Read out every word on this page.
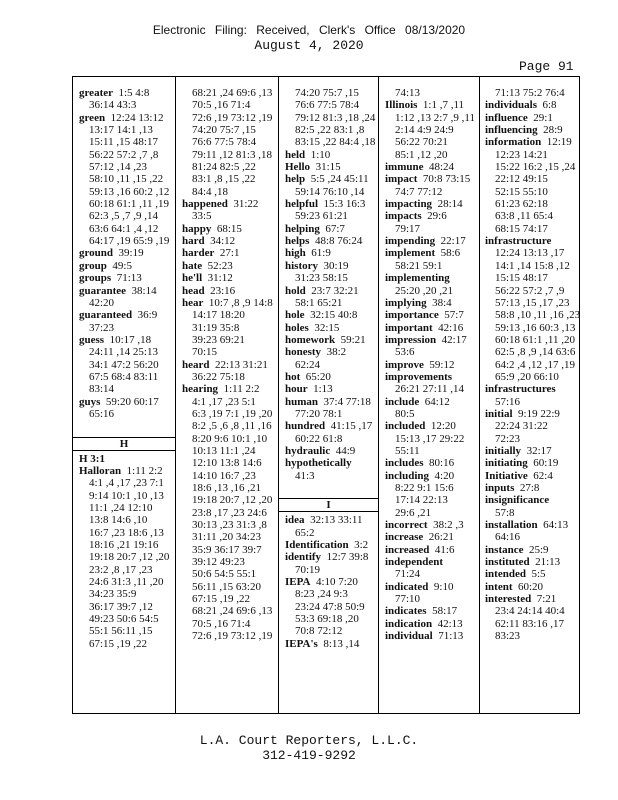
Electronic Filing: Received, Clerk's Office 08/13/2020
August 4, 2020
Page 91
greater  1:5 4:8
36:14 43:3
green  12:24 13:12
13:17 14:1 ,13
15:11 ,15 48:17
56:22 57:2 ,7 ,8
57:12 ,14 ,23
58:10 ,11 ,15 ,22
59:13 ,16 60:2 ,12
60:18 61:1 ,11 ,19
62:3 ,5 ,7 ,9 ,14
63:6 64:1 ,4 ,12
64:17 ,19 65:9 ,19
ground  39:19
group  49:5
groups  71:13
guarantee  38:14
42:20
guaranteed  36:9
37:23
guess  10:17 ,18
24:11 ,14 25:13
34:1 47:2 56:20
67:5 68:4 83:11
83:14
guys  59:20 60:17
65:16
H
H 3:1
Halloran  1:11 2:2
4:1 ,4 ,17 ,23 7:1
9:14 10:1 ,10 ,13
11:1 ,24 12:10
13:8 14:6 ,10
16:7 ,23 18:6 ,13
18:16 ,21 19:16
19:18 20:7 ,12 ,20
23:2 ,8 ,17 ,23
24:6 31:3 ,11 ,20
34:23 35:9
36:17 39:7 ,12
49:23 50:6 54:5
55:1 56:11 ,15
67:15 ,19 ,22
68:21 ,24 69:6 ,13
70:5 ,16 71:4
72:6 ,19 73:12 ,19
74:20 75:7 ,15
76:6 77:5 78:4
79:11 ,12 81:3 ,18
81:24 82:5 ,22
83:1 ,8 ,15 ,22
84:4 ,18
happened  31:22
33:5
happy  68:15
hard  34:12
harder  27:1
hate  52:23
he'll  31:12
head  23:16
hear  10:7 ,8 ,9 14:8
14:17 18:20
31:19 35:8
39:23 69:21
70:15
heard  22:13 31:21
36:22 75:18
hearing  1:11 2:2
4:1 ,17 ,23 5:1
6:3 ,19 7:1 ,19 ,20
8:2 ,5 ,6 ,8 ,11 ,16
8:20 9:6 10:1 ,10
10:13 11:1 ,24
12:10 13:8 14:6
14:10 16:7 ,23
18:6 ,13 ,16 ,21
19:18 20:7 ,12 ,20
23:8 ,17 ,23 24:6
30:13 ,23 31:3 ,8
31:11 ,20 34:23
35:9 36:17 39:7
39:12 49:23
50:6 54:5 55:1
56:11 ,15 63:20
67:15 ,19 ,22
68:21 ,24 69:6 ,13
70:5 ,16 71:4
72:6 ,19 73:12 ,19
74:20 75:7 ,15
76:6 77:5 78:4
79:12 81:3 ,18 ,24
82:5 ,22 83:1 ,8
83:15 ,22 84:4 ,18
held  1:10
Hello  31:15
help  5:5 ,24 45:11
59:14 76:10 ,14
helpful  15:3 16:3
59:23 61:21
helping  67:7
helps  48:8 76:24
high  61:9
history  30:19
31:23 58:15
hold  23:7 32:21
58:1 65:21
hole  32:15 40:8
holes  32:15
homework  59:21
honesty  38:2
62:24
hot  65:20
hour  1:13
human  37:4 77:18
77:20 78:1
hundred  41:15 ,17
60:22 61:8
hydraulic  44:9
hypothetically
41:3
I
idea  32:13 33:11
65:2
Identification  3:2
identify  12:7 39:8
70:19
IEPA  4:10 7:20
8:23 ,24 9:3
23:24 47:8 50:9
53:3 69:18 ,20
70:8 72:12
IEPA's  8:13 ,14
74:13
Illinois  1:1 ,7 ,11
1:12 ,13 2:7 ,9 ,11
2:14 4:9 24:9
56:22 70:21
85:1 ,12 ,20
immune  48:24
impact  70:8 73:15
74:7 77:12
impacting  28:14
impacts  29:6
79:17
impending  22:17
implement  58:6
58:21 59:1
implementing
25:20 ,20 ,21
implying  38:4
importance  57:7
important  42:16
impression  42:17
53:6
improve  59:12
improvements
26:21 27:11 ,14
include  64:12
80:5
included  12:20
15:13 ,17 29:22
55:11
includes  80:16
including  4:20
8:22 9:1 15:6
17:14 22:13
29:6 ,21
incorrect  38:2 ,3
increase  26:21
increased  41:6
independent
71:24
indicated  9:10
77:10
indicates  58:17
indication  42:13
individual  71:13
71:13 75:2 76:4
individuals  6:8
influence  29:1
influencing  28:9
information  12:19
12:23 14:21
15:22 16:2 ,15 ,24
22:12 49:15
52:15 55:10
61:23 62:18
63:8 ,11 65:4
68:15 74:17
infrastructure
12:24 13:13 ,17
14:1 ,14 15:8 ,12
15:15 48:17
56:22 57:2 ,7 ,9
57:13 ,15 ,17 ,23
58:8 ,10 ,11 ,16 ,23
59:13 ,16 60:3 ,13
60:18 61:1 ,11 ,20
62:5 ,8 ,9 ,14 63:6
64:2 ,4 ,12 ,17 ,19
65:9 ,20 66:10
infrastructures
57:16
initial  9:19 22:9
22:24 31:22
72:23
initially  32:17
initiating  60:19
Initiative  62:4
inputs  27:8
insignificance
57:8
installation  64:13
64:16
instance  25:9
instituted  21:13
intended  5:5
intent  60:20
interested  7:21
23:4 24:14 40:4
62:11 83:16 ,17
83:23
L.A. Court Reporters, L.L.C.
312-419-9292
